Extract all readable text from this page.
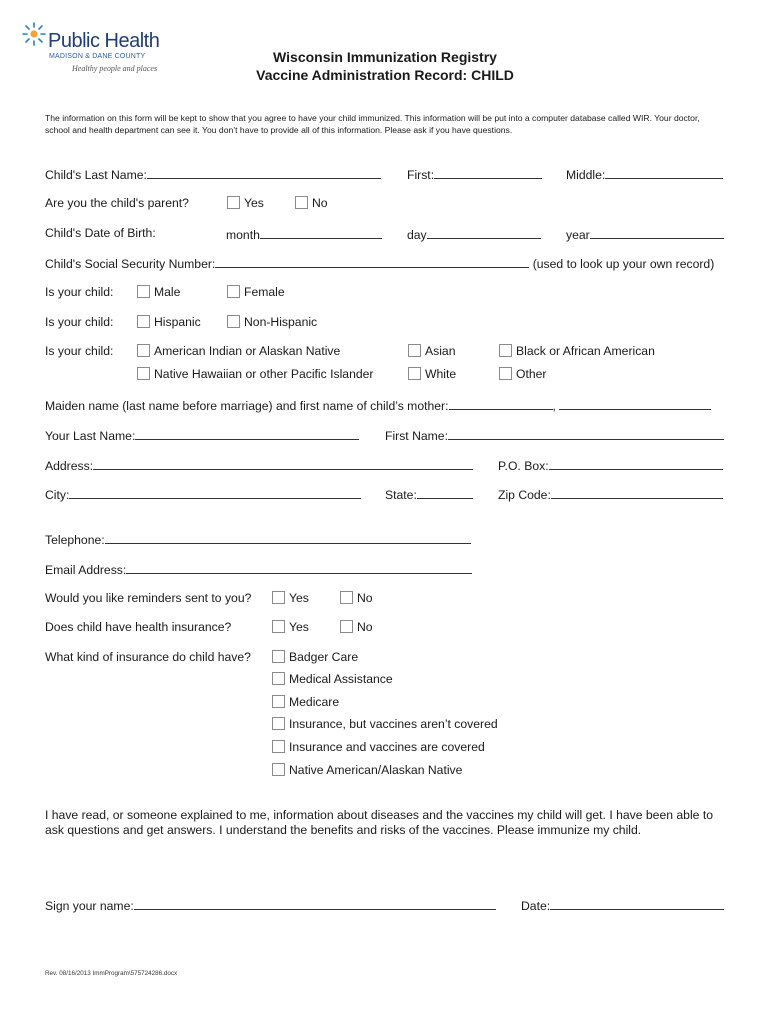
Public Health
MADISON & DANE COUNTY
Healthy people and places
Wisconsin Immunization Registry
Vaccine Administration Record: CHILD
The information on this form will be kept to show that you agree to have your child immunized. This information will be put into a computer database called WIR. Your doctor, school and health department can see it. You don’t have to provide all of this information. Please ask if you have questions.
Child's Last Name:	First:	Middle:
Are you the child's parent?	Yes	No
Child's Date of Birth:	month	day	year
Child's Social Security Number:	(used to look up your own record)
Is your child:	Male	Female
Is your child:	Hispanic	Non-Hispanic
Is your child:	American Indian or Alaskan Native	Asian	Black or African American
Native Hawaiian or other Pacific Islander	White	Other
Maiden name (last name before marriage) and first name of child’s mother:	,
Your Last Name:	First Name:
Address:	P.O. Box:
City:	State:	Zip Code:
Telephone:
Email Address:
Would you like reminders sent to you?	Yes	No
Does child have health insurance?	Yes	No
What kind of insurance do child have?	Badger Care
Medical Assistance
Medicare
Insurance, but vaccines aren’t covered
Insurance and vaccines are covered
Native American/Alaskan Native
I have read, or someone explained to me, information about diseases and the vaccines my child will get. I have been able to ask questions and get answers. I understand the benefits and risks of the vaccines. Please immunize my child.
Sign your name:	Date:
Rev. 08/16/2013 ImmProgram\575724286.docx
